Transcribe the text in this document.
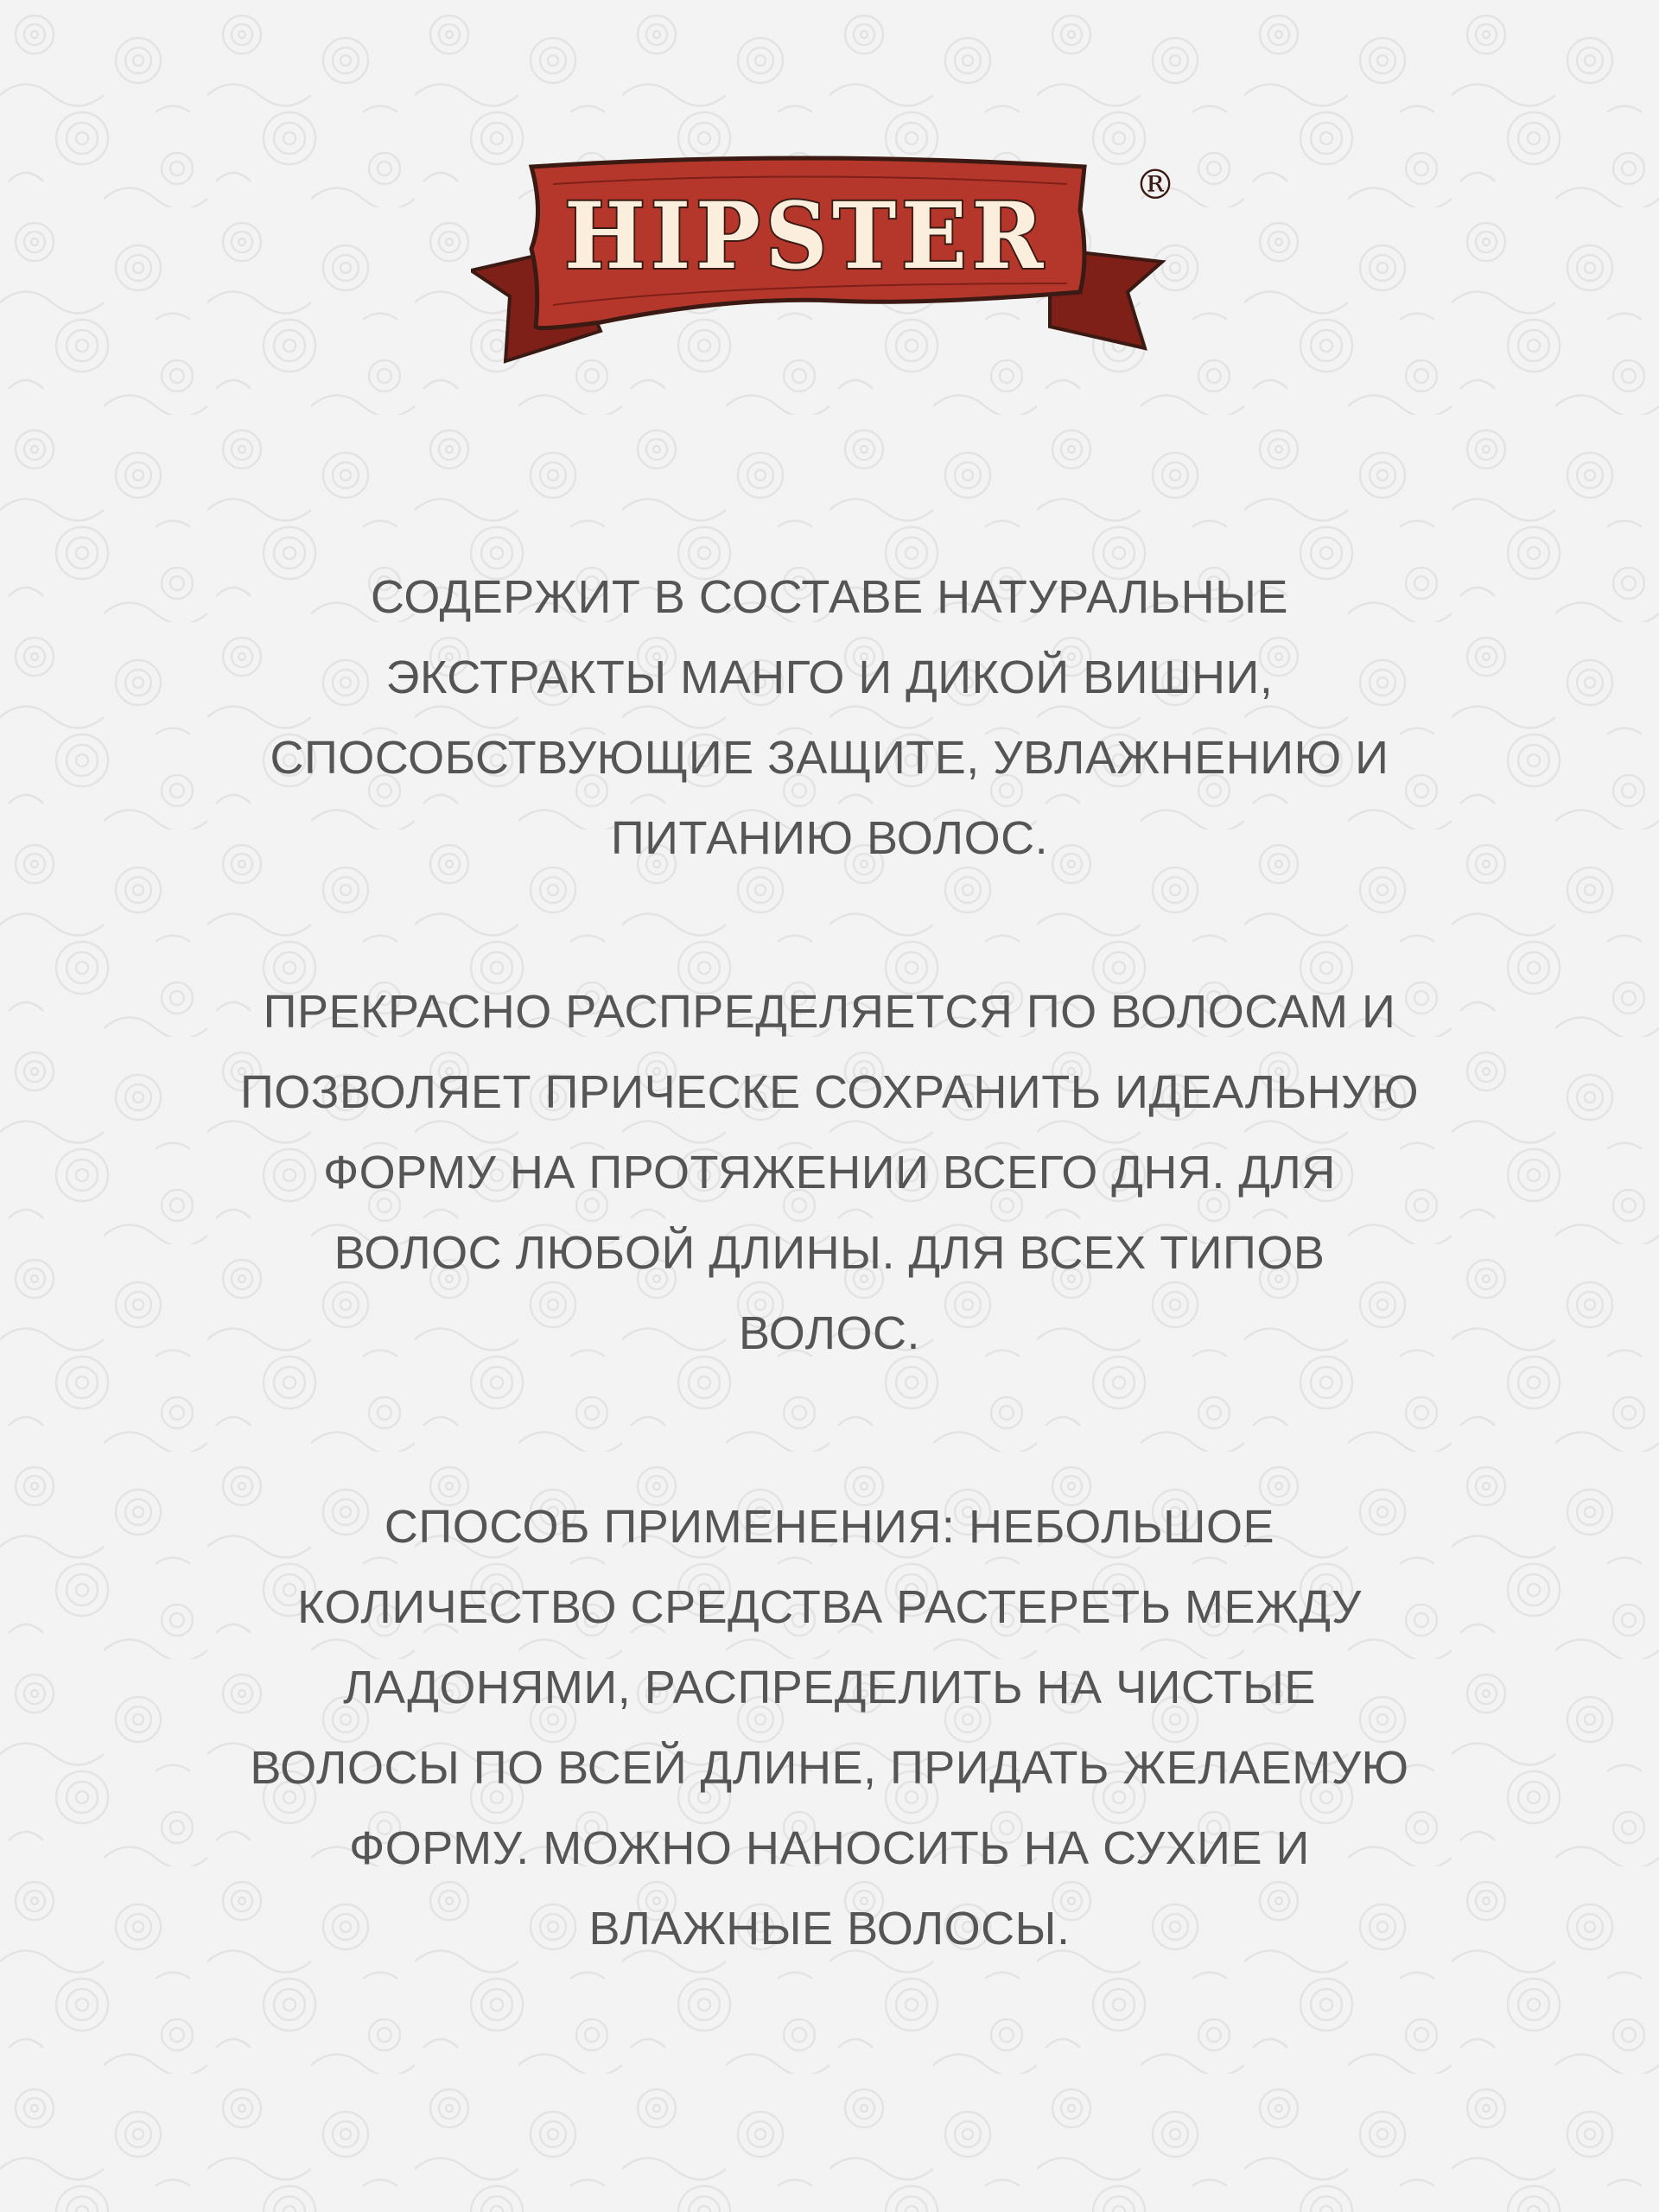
HIPSTER ®
СОДЕРЖИТ В СОСТАВЕ НАТУРАЛЬНЫЕ
ЭКСТРАКТЫ МАНГО И ДИКОЙ ВИШНИ,
СПОСОБСТВУЮЩИЕ ЗАЩИТЕ, УВЛАЖНЕНИЮ И
ПИТАНИЮ ВОЛОС.
ПРЕКРАСНО РАСПРЕДЕЛЯЕТСЯ ПО ВОЛОСАМ И
ПОЗВОЛЯЕТ ПРИЧЕСКЕ СОХРАНИТЬ ИДЕАЛЬНУЮ
ФОРМУ НА ПРОТЯЖЕНИИ ВСЕГО ДНЯ. ДЛЯ
ВОЛОС ЛЮБОЙ ДЛИНЫ. ДЛЯ ВСЕХ ТИПОВ
ВОЛОС.
СПОСОБ ПРИМЕНЕНИЯ: НЕБОЛЬШОЕ
КОЛИЧЕСТВО СРЕДСТВА РАСТЕРЕТЬ МЕЖДУ
ЛАДОНЯМИ, РАСПРЕДЕЛИТЬ НА ЧИСТЫЕ
ВОЛОСЫ ПО ВСЕЙ ДЛИНЕ, ПРИДАТЬ ЖЕЛАЕМУЮ
ФОРМУ. МОЖНО НАНОСИТЬ НА СУХИЕ И
ВЛАЖНЫЕ ВОЛОСЫ.
